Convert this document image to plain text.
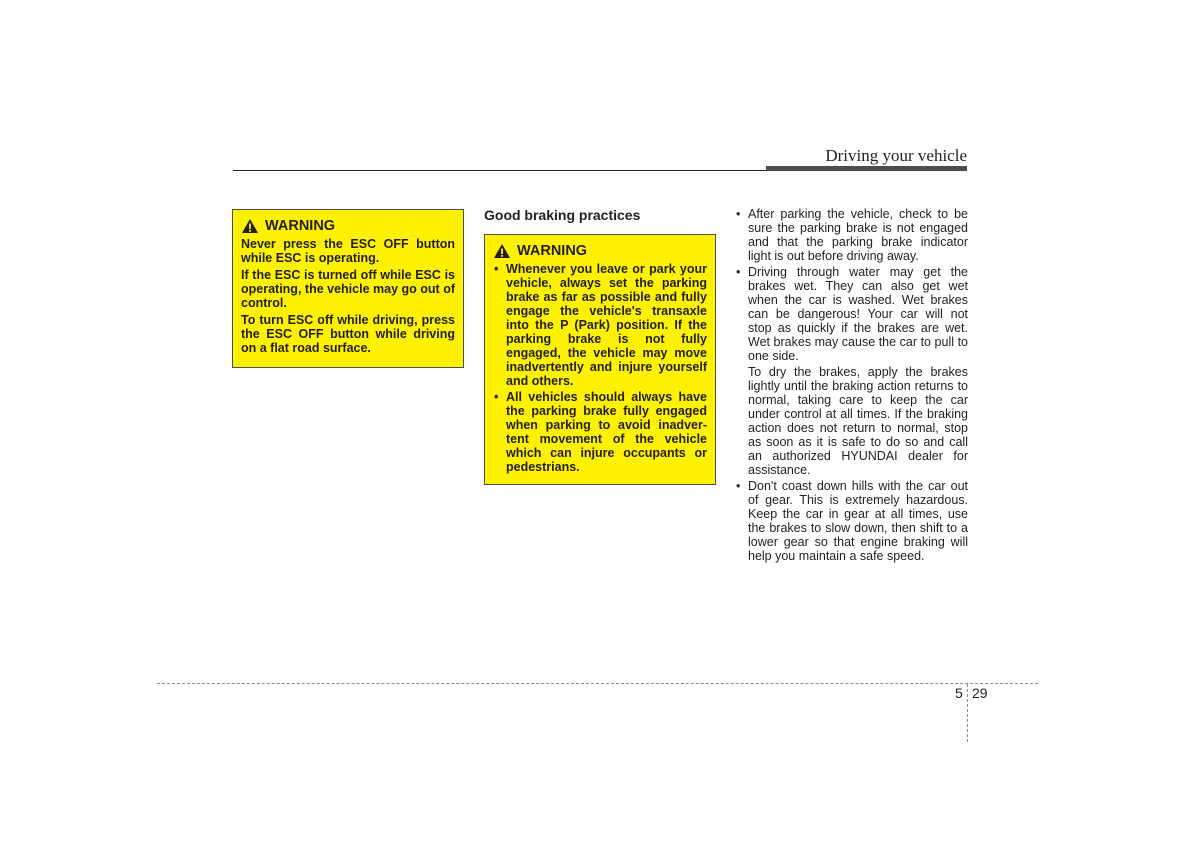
Driving your vehicle
WARNING

Never press the ESC OFF button while ESC is operating.

If the ESC is turned off while ESC is operating, the vehicle may go out of control.

To turn ESC off while driving, press the ESC OFF button while driving on a flat road surface.

Good braking practices
WARNING
• Whenever you leave or park your vehicle, always set the parking brake as far as possible and fully engage the vehicle's transaxle into the P (Park) position. If the parking brake is not fully engaged, the vehicle may move inadvertently and injure yourself and others.
• All vehicles should always have the parking brake fully engaged when parking to avoid inadver-tent movement of the vehicle which can injure occupants or pedestrians.

• After parking the vehicle, check to be sure the parking brake is not engaged and that the parking brake indicator light is out before driving away.

• Driving through water may get the brakes wet. They can also get wet when the car is washed. Wet brakes can be dangerous! Your car will not stop as quickly if the brakes are wet. Wet brakes may cause the car to pull to one side.

To dry the brakes, apply the brakes lightly until the braking action returns to normal, taking care to keep the car under control at all times. If the braking action does not return to normal, stop as soon as it is safe to do so and call an authorized HYUNDAI dealer for assistance.

• Don't coast down hills with the car out of gear. This is extremely hazardous. Keep the car in gear at all times, use the brakes to slow down, then shift to a lower gear so that engine braking will help you maintain a safe speed.

5 29
